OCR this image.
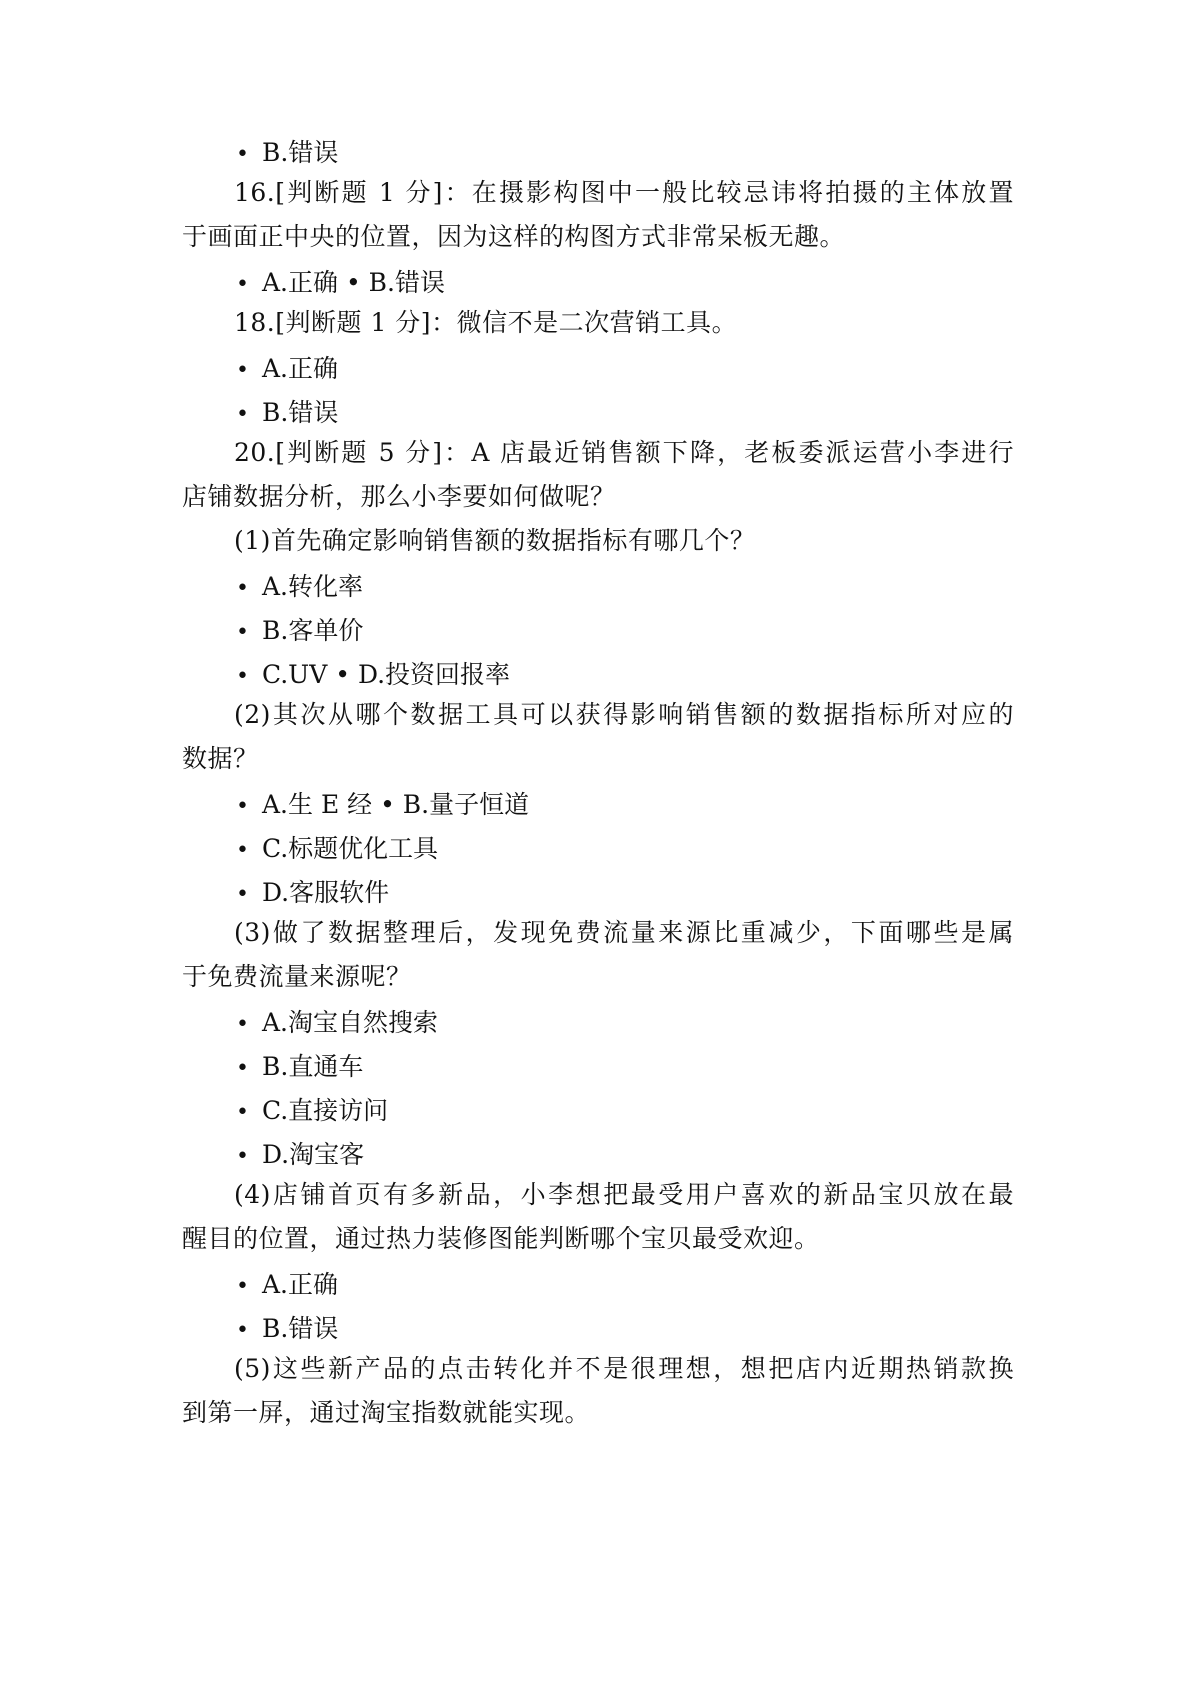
• B.错误
16.[判断题 1 分]：在摄影构图中一般比较忌讳将拍摄的主体放置
于画面正中央的位置，因为这样的构图方式非常呆板无趣。
• A.正确 • B.错误
18.[判断题 1 分]：微信不是二次营销工具。
• A.正确
• B.错误
20.[判断题 5 分]：A 店最近销售额下降，老板委派运营小李进行
店铺数据分析，那么小李要如何做呢？
(1)首先确定影响销售额的数据指标有哪几个？
• A.转化率
• B.客单价
• C.UV • D.投资回报率
(2)其次从哪个数据工具可以获得影响销售额的数据指标所对应的
数据？
• A.生 E 经 • B.量子恒道
• C.标题优化工具
• D.客服软件
(3)做了数据整理后，发现免费流量来源比重减少，下面哪些是属
于免费流量来源呢？
• A.淘宝自然搜索
• B.直通车
• C.直接访问
• D.淘宝客
(4)店铺首页有多新品，小李想把最受用户喜欢的新品宝贝放在最
醒目的位置，通过热力装修图能判断哪个宝贝最受欢迎。
• A.正确
• B.错误
(5)这些新产品的点击转化并不是很理想，想把店内近期热销款换
到第一屏，通过淘宝指数就能实现。
